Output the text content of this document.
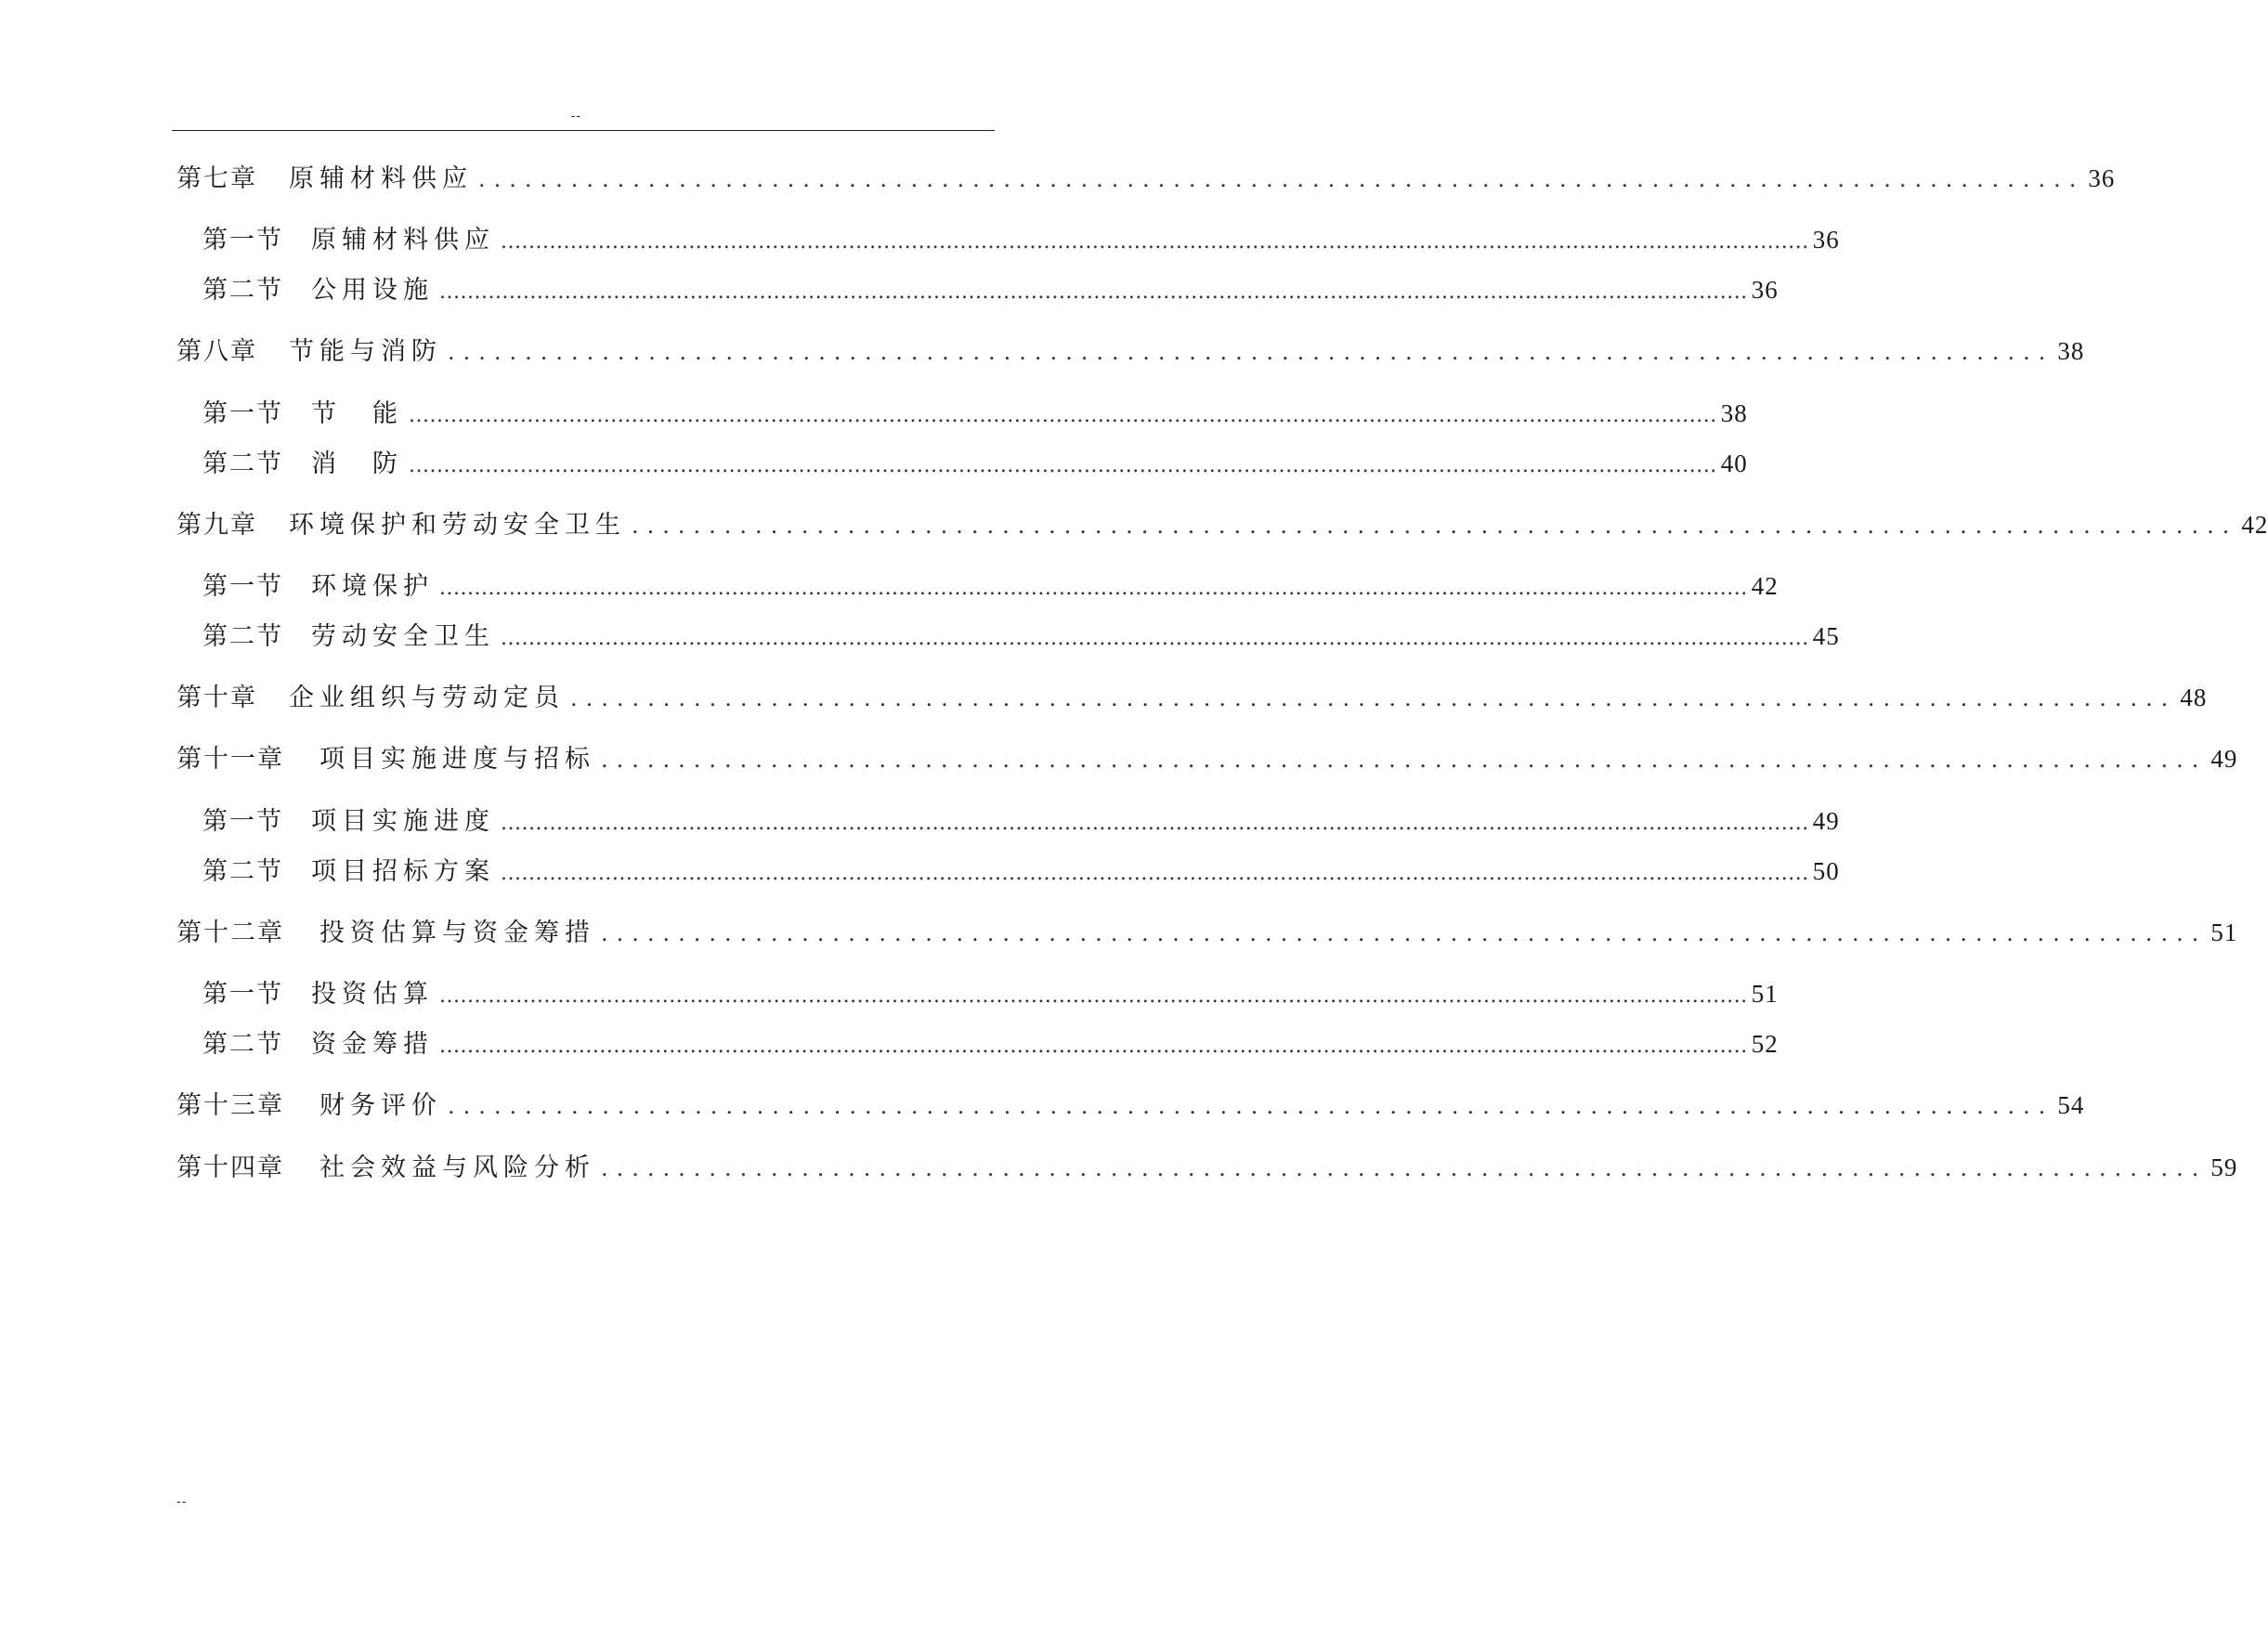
--
第七章 原辅材料供应 ........................................................................................................ 36
第一节 原辅材料供应 ............................................................................................................................................................................................ 36
第二节 公用设施 ............................................................................................................................................................................................ 36
第八章 节能与消防 ........................................................................................................ 38
第一节 节　能 ............................................................................................................................................................................................ 38
第二节 消　防 ............................................................................................................................................................................................ 40
第九章 环境保护和劳动安全卫生 ........................................................................................................ 42
第一节 环境保护 ............................................................................................................................................................................................ 42
第二节 劳动安全卫生 ............................................................................................................................................................................................ 45
第十章 企业组织与劳动定员 ........................................................................................................ 48
第十一章 项目实施进度与招标 ........................................................................................................ 49
第一节 项目实施进度 ............................................................................................................................................................................................ 49
第二节 项目招标方案 ............................................................................................................................................................................................ 50
第十二章 投资估算与资金筹措 ........................................................................................................ 51
第一节 投资估算 ............................................................................................................................................................................................ 51
第二节 资金筹措 ............................................................................................................................................................................................ 52
第十三章 财务评价 ........................................................................................................ 54
第十四章 社会效益与风险分析 ........................................................................................................ 59
--
